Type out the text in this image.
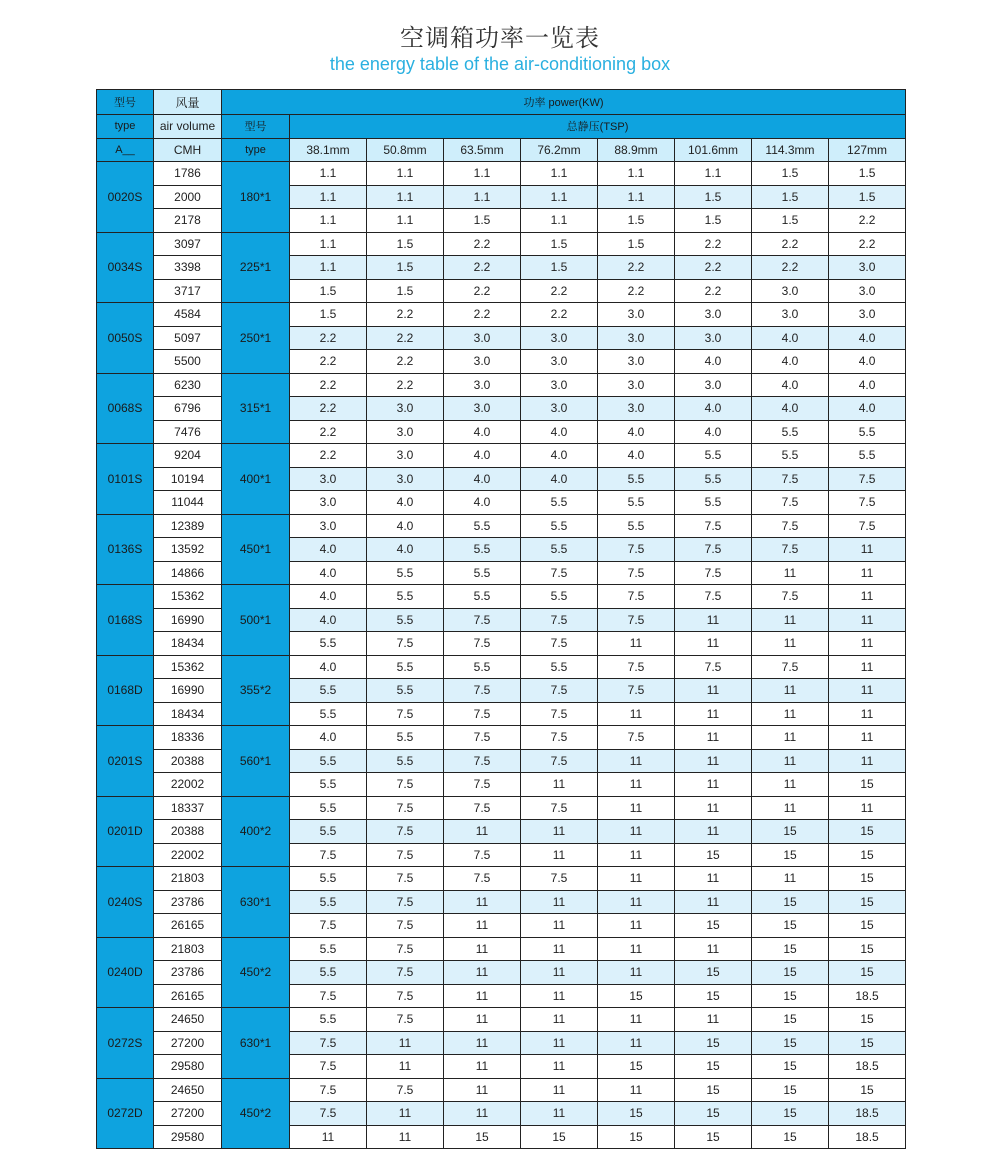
空调箱功率一览表
the energy table of the air-conditioning box
型号	风量	功率 power(KW)								
type	air volume	型号	总静压(TSP)							
A__	CMH	type	38.1mm	50.8mm	63.5mm	76.2mm	88.9mm	101.6mm	114.3mm	127mm
0020S	1786	180*1	1.1	1.1	1.1	1.1	1.1	1.1	1.5	1.5
	2000		1.1	1.1	1.1	1.1	1.1	1.5	1.5	1.5
	2178		1.1	1.1	1.5	1.1	1.5	1.5	1.5	2.2
0034S	3097	225*1	1.1	1.5	2.2	1.5	1.5	2.2	2.2	2.2
	3398		1.1	1.5	2.2	1.5	2.2	2.2	2.2	3.0
	3717		1.5	1.5	2.2	2.2	2.2	2.2	3.0	3.0
0050S	4584	250*1	1.5	2.2	2.2	2.2	3.0	3.0	3.0	3.0
	5097		2.2	2.2	3.0	3.0	3.0	3.0	4.0	4.0
	5500		2.2	2.2	3.0	3.0	3.0	4.0	4.0	4.0
0068S	6230	315*1	2.2	2.2	3.0	3.0	3.0	3.0	4.0	4.0
	6796		2.2	3.0	3.0	3.0	3.0	4.0	4.0	4.0
	7476		2.2	3.0	4.0	4.0	4.0	4.0	5.5	5.5
0101S	9204	400*1	2.2	3.0	4.0	4.0	4.0	5.5	5.5	5.5
	10194		3.0	3.0	4.0	4.0	5.5	5.5	7.5	7.5
	11044		3.0	4.0	4.0	5.5	5.5	5.5	7.5	7.5
0136S	12389	450*1	3.0	4.0	5.5	5.5	5.5	7.5	7.5	7.5
	13592		4.0	4.0	5.5	5.5	7.5	7.5	7.5	11
	14866		4.0	5.5	5.5	7.5	7.5	7.5	11	11
0168S	15362	500*1	4.0	5.5	5.5	5.5	7.5	7.5	7.5	11
	16990		4.0	5.5	7.5	7.5	7.5	11	11	11
	18434		5.5	7.5	7.5	7.5	11	11	11	11
0168D	15362	355*2	4.0	5.5	5.5	5.5	7.5	7.5	7.5	11
	16990		5.5	5.5	7.5	7.5	7.5	11	11	11
	18434		5.5	7.5	7.5	7.5	11	11	11	11
0201S	18336	560*1	4.0	5.5	7.5	7.5	7.5	11	11	11
	20388		5.5	5.5	7.5	7.5	11	11	11	11
	22002		5.5	7.5	7.5	11	11	11	11	15
0201D	18337	400*2	5.5	7.5	7.5	7.5	11	11	11	11
	20388		5.5	7.5	11	11	11	11	15	15
	22002		7.5	7.5	7.5	11	11	15	15	15
0240S	21803	630*1	5.5	7.5	7.5	7.5	11	11	11	15
	23786		5.5	7.5	11	11	11	11	15	15
	26165		7.5	7.5	11	11	11	15	15	15
0240D	21803	450*2	5.5	7.5	11	11	11	11	15	15
	23786		5.5	7.5	11	11	11	15	15	15
	26165		7.5	7.5	11	11	15	15	15	18.5
0272S	24650	630*1	5.5	7.5	11	11	11	11	15	15
	27200		7.5	11	11	11	11	15	15	15
	29580		7.5	11	11	11	15	15	15	18.5
0272D	24650	450*2	7.5	7.5	11	11	11	15	15	15
	27200		7.5	11	11	11	15	15	15	18.5
	29580		11	11	15	15	15	15	15	18.5
